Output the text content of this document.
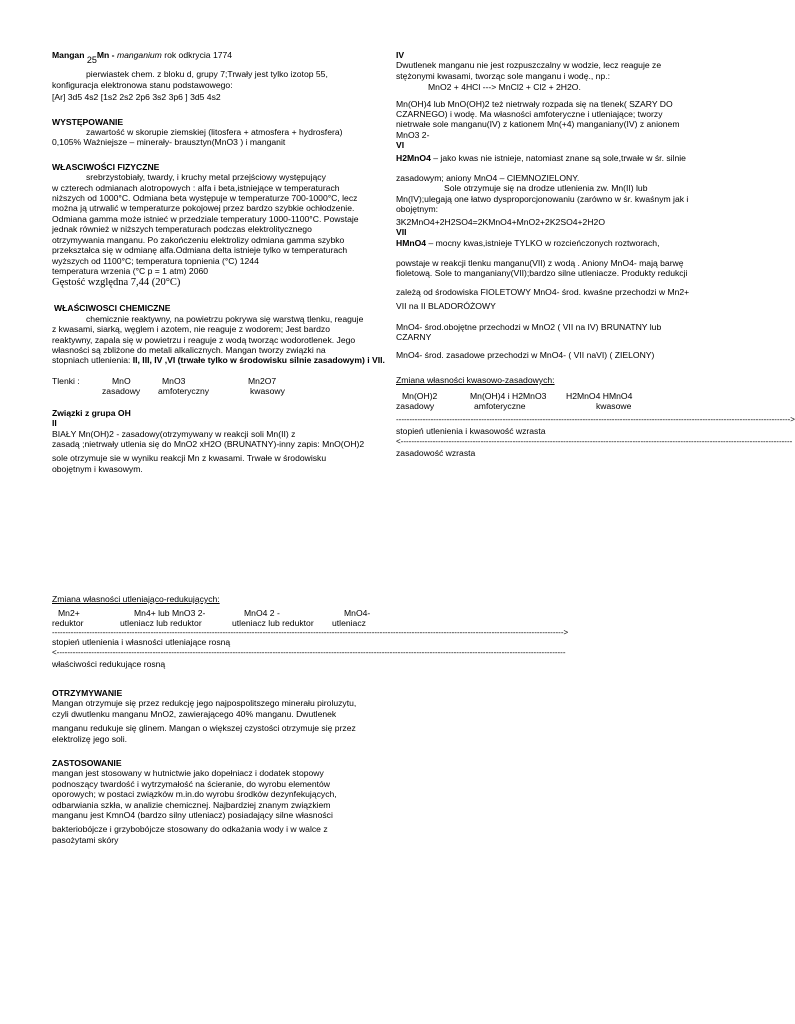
Mangan 25Mn - manganium rok odkrycia 1774

pierwiastek chem. z bloku d, grupy 7;Trwały jest tylko izotop 55,

konfiguracja elektronowa stanu podstawowego:

[Ar] 3d5 4s2 [1s2 2s2 2p6 3s2 3p6 ] 3d5 4s2

WYSTĘPOWANIE

zawartość w skorupie ziemskiej (litosfera + atmosfera + hydrosfera)

0,105% Ważniejsze – minerały- brausztyn(MnO3 ) i manganit

WŁASCIWOŚCI FIZYCZNE

srebrzystobiały, twardy, i kruchy metal przejściowy występujący

w czterech odmianach alotropowych : alfa i beta,istniejące w temperaturach

niższych od 1000°C. Odmiana beta występuje w temperaturze 700-1000°C, lecz

można ją utrwalić w temperaturze pokojowej przez bardzo szybkie ochłodzenie.

Odmiana gamma może istnieć w przedziale temperatury 1000-1100°C. Powstaje

jednak również w niższych temperaturach podczas elektrolitycznego

otrzymywania manganu. Po zakończeniu elektrolizy odmiana gamma szybko

przekształca się w odmianę alfa.Odmiana delta istnieje tylko w temperaturach

wyższych od 1100°C; temperatura topnienia (°C) 1244

temperatura wrzenia (°C p = 1 atm) 2060

Gęstość względna 7,44 (20°C)

WŁAŚCIWOSCI CHEMICZNE

chemicznie reaktywny, na powietrzu pokrywa się warstwą tlenku, reaguje

z kwasami, siarką, węglem i azotem, nie reaguje z wodorem; Jest bardzo

reaktywny, zapala się w powietrzu i reaguje z wodą tworząc wodorotlenek. Jego

własności są zbliżone do metali alkalicznych. Mangan tworzy związki na

stopniach utlenienia: II, III, IV ,VI (trwałe tylko w środowisku silnie zasadowym) i VII.

Tlenki :	MnO
zasadowy
MnO3
amfoteryczny
Mn2O7
kwasowy

Związki z grupa OH

II

BIAŁY Mn(OH)2 - zasadowy(otrzymywany w reakcji soli Mn(II) z

zasadą ;nietrwały utlenia się do MnO2 xH2O (BRUNATNY)-inny zapis: MnO(OH)2

sole otrzymuje sie w wyniku reakcji Mn z kwasami. Trwałe w środowisku

obojętnym i kwasowym.

Zmiana własności utleniająco-redukujących:

Mn2+
reduktor
Mn4+ lub MnO3 2-
utleniacz lub reduktor
MnO4 2 -
utleniacz lub reduktor
MnO4-
utleniacz

------------------------------------------------------------------------------------------------------------------------------------------------------------------------------------------------>

stopień utlenienia i własności utleniające rosną

<-----------------------------------------------------------------------------------------------------------------------------------------------------------------------------------------------

właściwości redukujące rosną

OTRZYMYWANIE

Mangan otrzymuje się przez redukcję jego najpospolitszego minerału piroluzytu,

czyli dwutlenku manganu MnO2, zawierającego 40% manganu. Dwutlenek

manganu redukuje się glinem. Mangan o większej czystości otrzymuje się przez

elektrolizę jego soli.

ZASTOSOWANIE

mangan jest stosowany w hutnictwie jako dopełniacz i dodatek stopowy

podnoszący twardość i wytrzymałość na ścieranie, do wyrobu elementów

oporowych; w postaci związków m.in.do wyrobu środków dezynfekujących,

odbarwiania szkła, w analizie chemicznej. Najbardziej znanym związkiem

manganu jest KmnO4 (bardzo silny utleniacz) posiadający silne własności

bakteriobójcze i grzybobójcze stosowany do odkażania wody i w walce z

pasożytami skóry

IV

Dwutlenek manganu nie jest rozpuszczalny w wodzie, lecz reaguje ze

stężonymi kwasami, tworząc sole manganu i wodę., np.:

MnO2 + 4HCl ---> MnCl2 + Cl2 + 2H2O.

Mn(OH)4 lub MnO(OH)2 też nietrwały rozpada się na tlenek( SZARY DO

CZARNEGO) i wodę. Ma własności amfoteryczne i utleniające; tworzy

nietrwałe sole manganu(IV) z kationem Mn(+4) manganiany(IV) z anionem

MnO3 2-

VI

H2MnO4 – jako kwas nie istnieje, natomiast znane są sole,trwałe w śr. silnie

zasadowym; aniony MnO4 – CIEMNOZIELONY.

Sole otrzymuje się na drodze utlenienia zw. Mn(II) lub

Mn(IV);ulegają one łatwo dysproporcjonowaniu (zarówno w śr. kwaśnym jak i

obojętnym:

3K2MnO4+2H2SO4=2KMnO4+MnO2+2K2SO4+2H2O

VII

HMnO4 – mocny kwas,istnieje TYLKO w rozcieńczonych roztworach,

powstaje w reakcji tlenku manganu(VII) z wodą . Aniony MnO4- mają barwę

fioletową. Sole to manganiany(VII);bardzo silne utleniacze. Produkty redukcji

zależą od środowiska FIOLETOWY MnO4- środ. kwaśne przechodzi w Mn2+

VII na II BLADORÓŻOWY

MnO4- środ.obojętne przechodzi w MnO2 ( VII na IV) BRUNATNY lub

CZARNY

MnO4- środ. zasadowe przechodzi w MnO4- ( VII naVI) ( ZIELONY)

Zmiana własności kwasowo-zasadowych:

Mn(OH)2
zasadowy
Mn(OH)4 i H2MnO3
amfoteryczne
H2MnO4 HMnO4
kwasowe

---------------------------------------------------------------------------------------------------------------------------------------------------->

stopień utlenienia i kwasowość wzrasta

<---------------------------------------------------------------------------------------------------------------------------------------------------

zasadowość wzrasta
